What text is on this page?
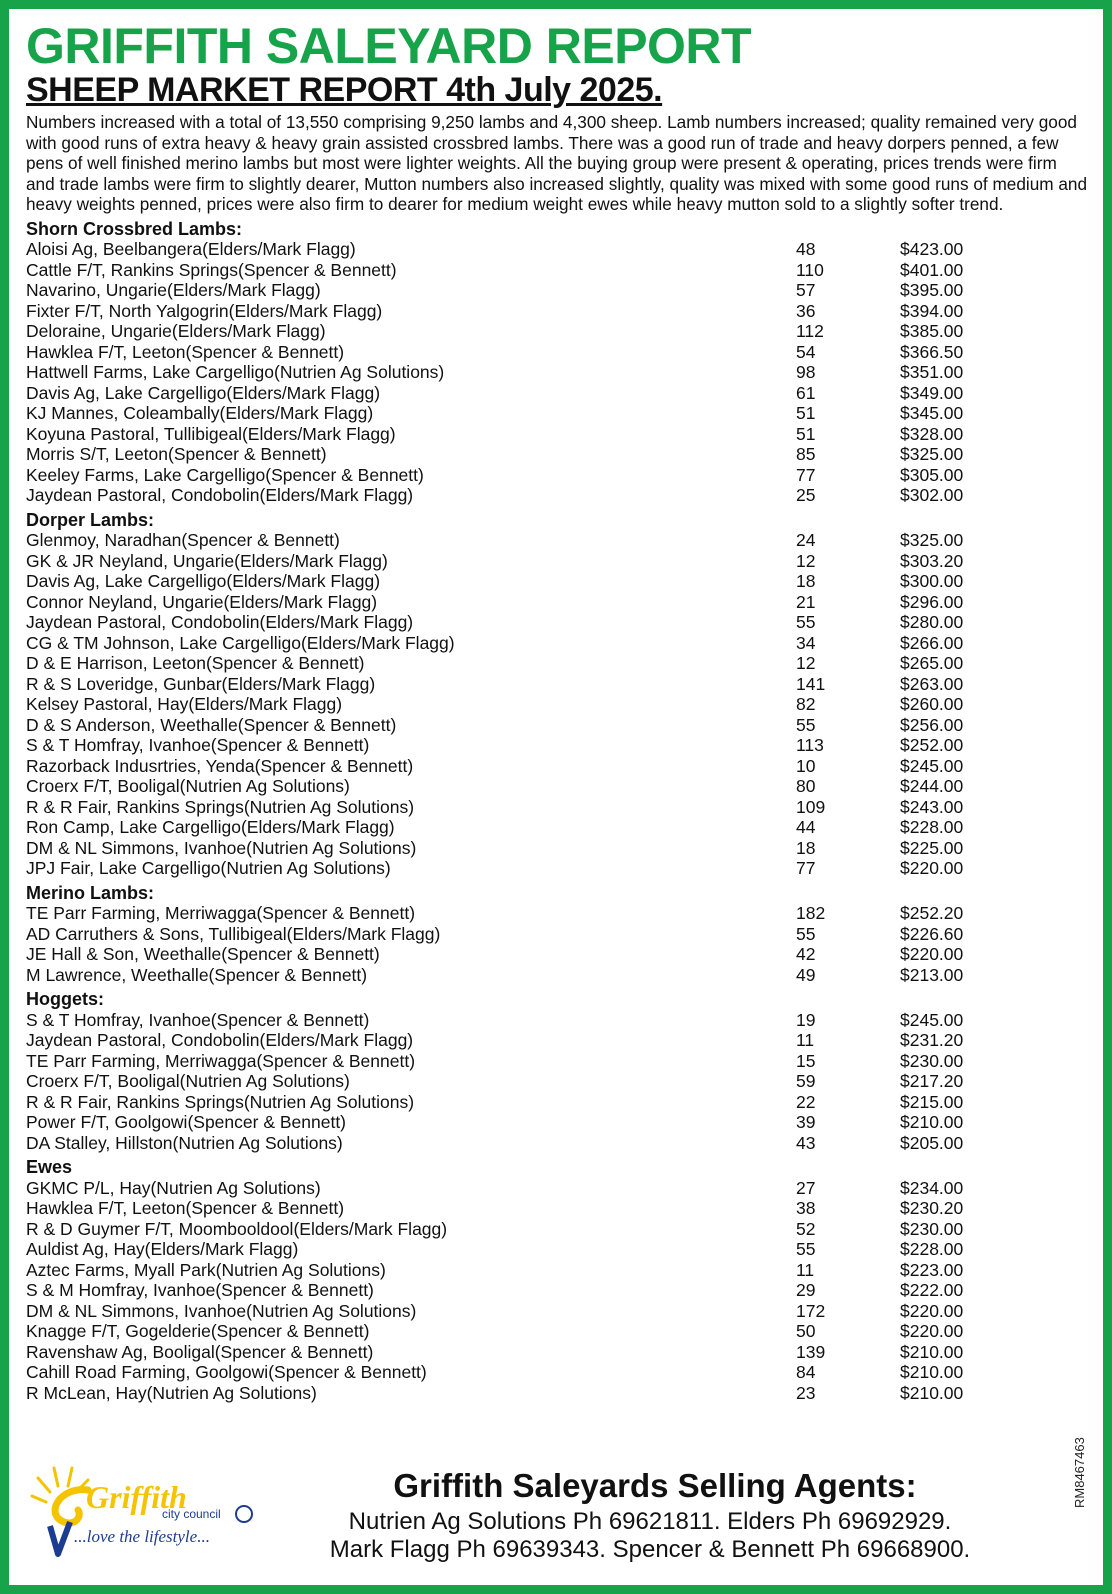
GRIFFITH SALEYARD REPORT
SHEEP MARKET REPORT 4th July 2025.

Numbers increased with a total of 13,550 comprising 9,250 lambs and 4,300 sheep. Lamb numbers increased; quality remained very good with good runs of extra heavy & heavy grain assisted crossbred lambs. There was a good run of trade and heavy dorpers penned, a few pens of well finished merino lambs but most were lighter weights. All the buying group were present & operating, prices trends were firm and trade lambs were firm to slightly dearer, Mutton numbers also increased slightly, quality was mixed with some good runs of medium and heavy weights penned, prices were also firm to dearer for medium weight ewes while heavy mutton sold to a slightly softer trend.

Shorn Crossbred Lambs:
Aloisi Ag, Beelbangera(Elders/Mark Flagg)	48	$423.00
Cattle F/T, Rankins Springs(Spencer & Bennett)	110	$401.00
Navarino, Ungarie(Elders/Mark Flagg)	57	$395.00
Fixter F/T, North Yalgogrin(Elders/Mark Flagg)	36	$394.00
Deloraine, Ungarie(Elders/Mark Flagg)	112	$385.00
Hawklea F/T, Leeton(Spencer & Bennett)	54	$366.50
Hattwell Farms, Lake Cargelligo(Nutrien Ag Solutions)	98	$351.00
Davis Ag, Lake Cargelligo(Elders/Mark Flagg)	61	$349.00
KJ Mannes, Coleambally(Elders/Mark Flagg)	51	$345.00
Koyuna Pastoral, Tullibigeal(Elders/Mark Flagg)	51	$328.00
Morris S/T, Leeton(Spencer & Bennett)	85	$325.00
Keeley Farms, Lake Cargelligo(Spencer & Bennett)	77	$305.00
Jaydean Pastoral, Condobolin(Elders/Mark Flagg)	25	$302.00
Dorper Lambs:
Glenmoy, Naradhan(Spencer & Bennett)	24	$325.00
GK & JR Neyland, Ungarie(Elders/Mark Flagg)	12	$303.20
Davis Ag, Lake Cargelligo(Elders/Mark Flagg)	18	$300.00
Connor Neyland, Ungarie(Elders/Mark Flagg)	21	$296.00
Jaydean Pastoral, Condobolin(Elders/Mark Flagg)	55	$280.00
CG & TM Johnson, Lake Cargelligo(Elders/Mark Flagg)	34	$266.00
D & E Harrison, Leeton(Spencer & Bennett)	12	$265.00
R & S Loveridge, Gunbar(Elders/Mark Flagg)	141	$263.00
Kelsey Pastoral, Hay(Elders/Mark Flagg)	82	$260.00
D & S Anderson, Weethalle(Spencer & Bennett)	55	$256.00
S & T Homfray, Ivanhoe(Spencer & Bennett)	113	$252.00
Razorback Indusrtries, Yenda(Spencer & Bennett)	10	$245.00
Croerx F/T, Booligal(Nutrien Ag Solutions)	80	$244.00
R & R Fair, Rankins Springs(Nutrien Ag Solutions)	109	$243.00
Ron Camp, Lake Cargelligo(Elders/Mark Flagg)	44	$228.00
DM & NL Simmons, Ivanhoe(Nutrien Ag Solutions)	18	$225.00
JPJ Fair, Lake Cargelligo(Nutrien Ag Solutions)	77	$220.00
Merino Lambs:
TE Parr Farming, Merriwagga(Spencer & Bennett)	182	$252.20
AD Carruthers & Sons, Tullibigeal(Elders/Mark Flagg)	55	$226.60
JE Hall & Son, Weethalle(Spencer & Bennett)	42	$220.00
M Lawrence, Weethalle(Spencer & Bennett)	49	$213.00
Hoggets:
S & T Homfray, Ivanhoe(Spencer & Bennett)	19	$245.00
Jaydean Pastoral, Condobolin(Elders/Mark Flagg)	11	$231.20
TE Parr Farming, Merriwagga(Spencer & Bennett)	15	$230.00
Croerx F/T, Booligal(Nutrien Ag Solutions)	59	$217.20
R & R Fair, Rankins Springs(Nutrien Ag Solutions)	22	$215.00
Power F/T, Goolgowi(Spencer & Bennett)	39	$210.00
DA Stalley, Hillston(Nutrien Ag Solutions)	43	$205.00
Ewes
GKMC P/L, Hay(Nutrien Ag Solutions)	27	$234.00
Hawklea F/T, Leeton(Spencer & Bennett)	38	$230.20
R & D Guymer F/T, Moombooldool(Elders/Mark Flagg)	52	$230.00
Auldist Ag, Hay(Elders/Mark Flagg)	55	$228.00
Aztec Farms, Myall Park(Nutrien Ag Solutions)	11	$223.00
S & M Homfray, Ivanhoe(Spencer & Bennett)	29	$222.00
DM & NL Simmons, Ivanhoe(Nutrien Ag Solutions)	172	$220.00
Knagge F/T, Gogelderie(Spencer & Bennett)	50	$220.00
Ravenshaw Ag, Booligal(Spencer & Bennett)	139	$210.00
Cahill Road Farming, Goolgowi(Spencer & Bennett)	84	$210.00
R McLean, Hay(Nutrien Ag Solutions)	23	$210.00
Griffith
city council
...love the lifestyle...
Griffith Saleyards Selling Agents:
Nutrien Ag Solutions Ph 69621811. Elders Ph 69692929.
Mark Flagg Ph 69639343. Spencer & Bennett Ph 69668900.
RM8467463
